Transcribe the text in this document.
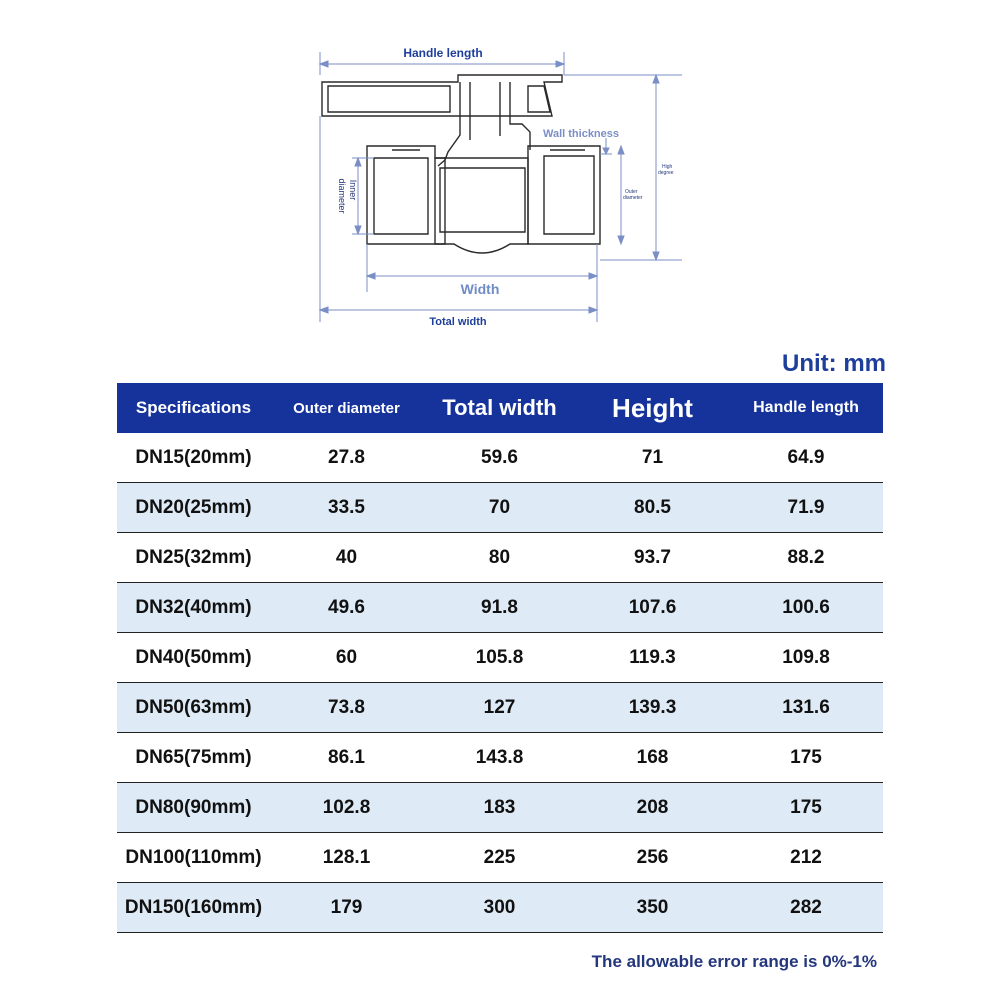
Handle length
Wall thickness
Inner
diameter	Outer
diameter
High
degree
Width
Total width
Unit: mm
Specifications	Outer diameter	Total width	Height	Handle length
DN15(20mm)	27.8	59.6	71	64.9
DN20(25mm)	33.5	70	80.5	71.9
DN25(32mm)	40	80	93.7	88.2
DN32(40mm)	49.6	91.8	107.6	100.6
DN40(50mm)	60	105.8	119.3	109.8
DN50(63mm)	73.8	127	139.3	131.6
DN65(75mm)	86.1	143.8	168	175
DN80(90mm)	102.8	183	208	175
DN100(110mm)	128.1	225	256	212
DN150(160mm)	179	300	350	282
The allowable error range is 0%-1%
